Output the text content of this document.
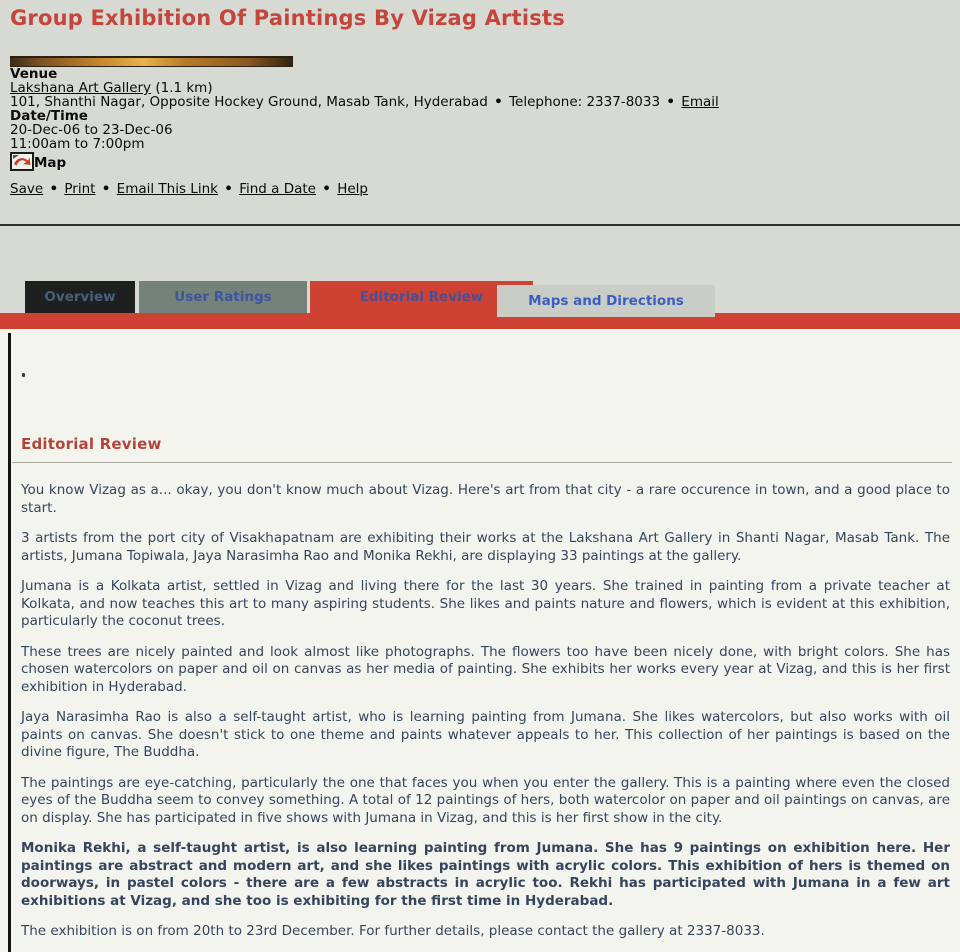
Group Exhibition Of Paintings By Vizag Artists
Venue
Lakshana Art Gallery (1.1 km)
101, Shanthi Nagar, Opposite Hockey Ground, Masab Tank, Hyderabad • Telephone: 2337-8033 • Email
Date/Time
20-Dec-06 to 23-Dec-06
11:00am to 7:00pm
Map
Save • Print • Email This Link • Find a Date • Help
Overview	User Ratings	Editorial Review	Maps and Directions
Editorial Review

You know Vizag as a... okay, you don't know much about Vizag. Here's art from that city - a rare occurence in town, and a good place to start.

3 artists from the port city of Visakhapatnam are exhibiting their works at the Lakshana Art Gallery in Shanti Nagar, Masab Tank. The artists, Jumana Topiwala, Jaya Narasimha Rao and Monika Rekhi, are displaying 33 paintings at the gallery.

Jumana is a Kolkata artist, settled in Vizag and living there for the last 30 years. She trained in painting from a private teacher at Kolkata, and now teaches this art to many aspiring students. She likes and paints nature and flowers, which is evident at this exhibition, particularly the coconut trees.

These trees are nicely painted and look almost like photographs. The flowers too have been nicely done, with bright colors. She has chosen watercolors on paper and oil on canvas as her media of painting. She exhibits her works every year at Vizag, and this is her first exhibition in Hyderabad.

Jaya Narasimha Rao is also a self-taught artist, who is learning painting from Jumana. She likes watercolors, but also works with oil paints on canvas. She doesn't stick to one theme and paints whatever appeals to her. This collection of her paintings is based on the divine figure, The Buddha.

The paintings are eye-catching, particularly the one that faces you when you enter the gallery. This is a painting where even the closed eyes of the Buddha seem to convey something. A total of 12 paintings of hers, both watercolor on paper and oil paintings on canvas, are on display. She has participated in five shows with Jumana in Vizag, and this is her first show in the city.

Monika Rekhi, a self-taught artist, is also learning painting from Jumana. She has 9 paintings on exhibition here. Her paintings are abstract and modern art, and she likes paintings with acrylic colors. This exhibition of hers is themed on doorways, in pastel colors - there are a few abstracts in acrylic too. Rekhi has participated with Jumana in a few art exhibitions at Vizag, and she too is exhibiting for the first time in Hyderabad.

The exhibition is on from 20th to 23rd December. For further details, please contact the gallery at 2337-8033.
